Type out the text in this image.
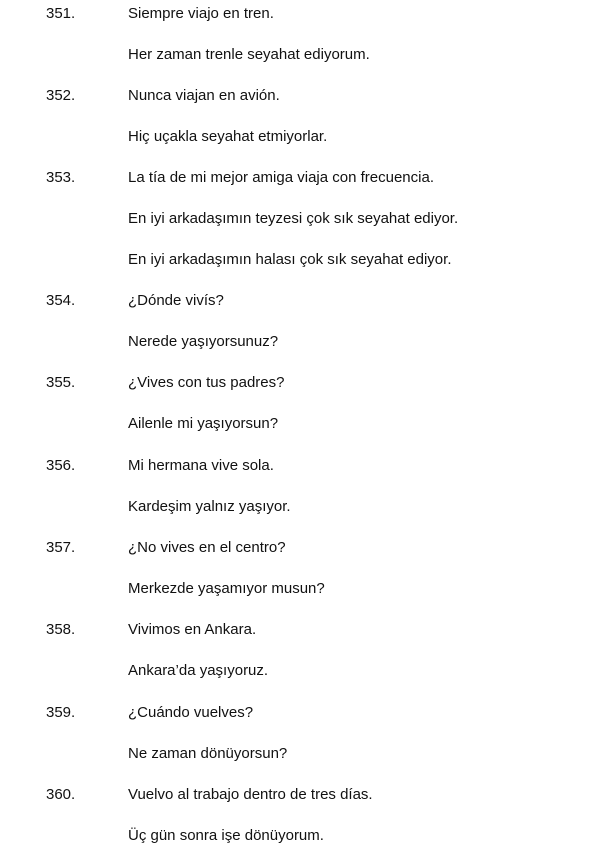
351.	Siempre viajo en tren.
Her zaman trenle seyahat ediyorum.
352.	Nunca viajan en avión.
Hiç uçakla seyahat etmiyorlar.
353.	La tía de mi mejor amiga viaja con frecuencia.
En iyi arkadaşımın teyzesi çok sık seyahat ediyor.
En iyi arkadaşımın halası çok sık seyahat ediyor.
354.	¿Dónde vivís?
Nerede yaşıyorsunuz?
355.	¿Vives con tus padres?
Ailenle mi yaşıyorsun?
356.	Mi hermana vive sola.
Kardeşim yalnız yaşıyor.
357.	¿No vives en el centro?
Merkezde yaşamıyor musun?
358.	Vivimos en Ankara.
Ankara’da yaşıyoruz.
359.	¿Cuándo vuelves?
Ne zaman dönüyorsun?
360.	Vuelvo al trabajo dentro de tres días.
Üç gün sonra işe dönüyorum.
